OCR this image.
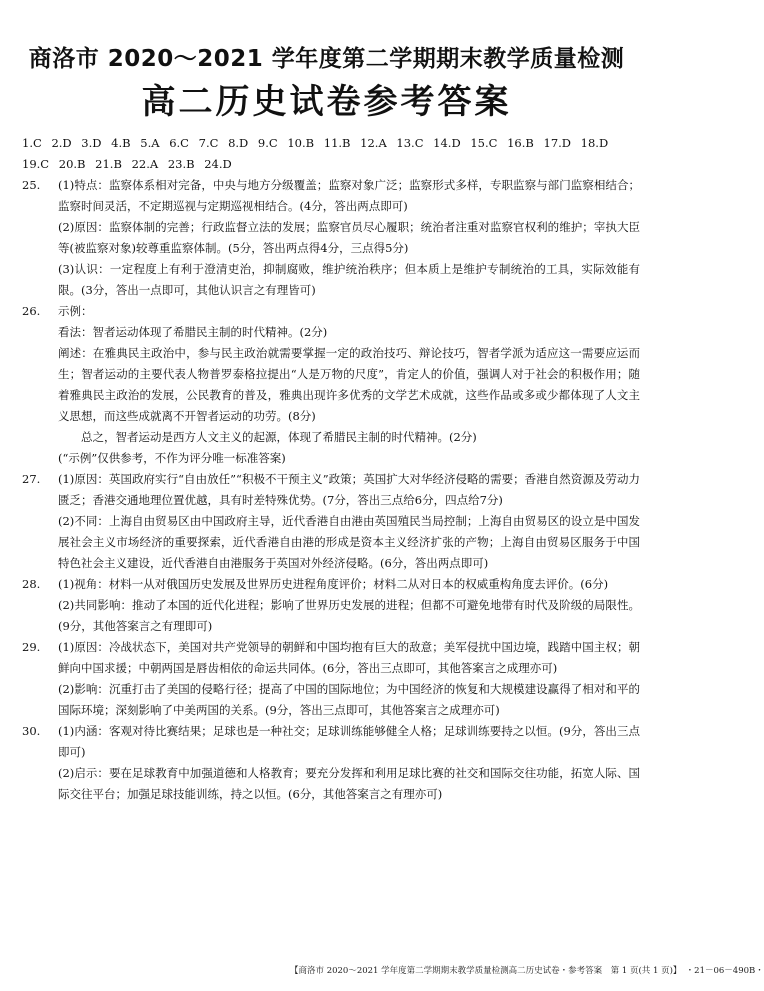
商洛市 2020～2021 学年度第二学期期末教学质量检测
高二历史试卷参考答案
1.C 2.D 3.D 4.B 5.A 6.C 7.C 8.D 9.C 10.B 11.B 12.A 13.C 14.D 15.C 16.B 17.D 18.D 19.C 20.B 21.B 22.A 23.B 24.D
25.	(1)特点：监察体系相对完备，中央与地方分级覆盖；监察对象广泛；监察形式多样，专职监察与部门监察相结合；监察时间灵活，不定期巡视与定期巡视相结合。(4分，答出两点即可)

(2)原因：监察体制的完善；行政监督立法的发展；监察官员尽心履职；统治者注重对监察官权利的维护；宰执大臣等(被监察对象)较尊重监察体制。(5分，答出两点得4分，三点得5分)

(3)认识：一定程度上有利于澄清吏治，抑制腐败，维护统治秩序；但本质上是维护专制统治的工具，实际效能有限。(3分，答出一点即可，其他认识言之有理皆可)

26.	示例：

看法：智者运动体现了希腊民主制的时代精神。(2分)

阐述：在雅典民主政治中，参与民主政治就需要掌握一定的政治技巧、辩论技巧，智者学派为适应这一需要应运而生；智者运动的主要代表人物普罗泰格拉提出“人是万物的尺度”，肯定人的价值，强调人对于社会的积极作用；随着雅典民主政治的发展，公民教育的普及，雅典出现许多优秀的文学艺术成就，这些作品或多或少都体现了人文主义思想，而这些成就离不开智者运动的功劳。(8分)

总之，智者运动是西方人文主义的起源，体现了希腊民主制的时代精神。(2分)

(“示例”仅供参考，不作为评分唯一标准答案)

27.	(1)原因：英国政府实行“自由放任”“积极不干预主义”政策；英国扩大对华经济侵略的需要；香港自然资源及劳动力匮乏；香港交通地理位置优越，具有时差特殊优势。(7分，答出三点给6分，四点给7分)

(2)不同：上海自由贸易区由中国政府主导，近代香港自由港由英国殖民当局控制；上海自由贸易区的设立是中国发展社会主义市场经济的重要探索，近代香港自由港的形成是资本主义经济扩张的产物；上海自由贸易区服务于中国特色社会主义建设，近代香港自由港服务于英国对外经济侵略。(6分，答出两点即可)

28.	(1)视角：材料一从对俄国历史发展及世界历史进程角度评价；材料二从对日本的权威重构角度去评价。(6分)

(2)共同影响：推动了本国的近代化进程；影响了世界历史发展的进程；但都不可避免地带有时代及阶级的局限性。(9分，其他答案言之有理即可)

29.	(1)原因：冷战状态下，美国对共产党领导的朝鲜和中国均抱有巨大的敌意；美军侵扰中国边境，践踏中国主权；朝鲜向中国求援；中朝两国是唇齿相依的命运共同体。(6分，答出三点即可，其他答案言之成理亦可)

(2)影响：沉重打击了美国的侵略行径；提高了中国的国际地位；为中国经济的恢复和大规模建设赢得了相对和平的国际环境；深刻影响了中美两国的关系。(9分，答出三点即可，其他答案言之成理亦可)

30.	(1)内涵：客观对待比赛结果；足球也是一种社交；足球训练能够健全人格；足球训练要持之以恒。(9分，答出三点即可)

(2)启示：要在足球教育中加强道德和人格教育；要充分发挥和利用足球比赛的社交和国际交往功能，拓宽人际、国际交往平台；加强足球技能训练，持之以恒。(6分，其他答案言之有理亦可)

【商洛市 2020～2021 学年度第二学期期末教学质量检测高二历史试卷・参考答案　第 1 页(共 1 页)】　・21－06－490B・
